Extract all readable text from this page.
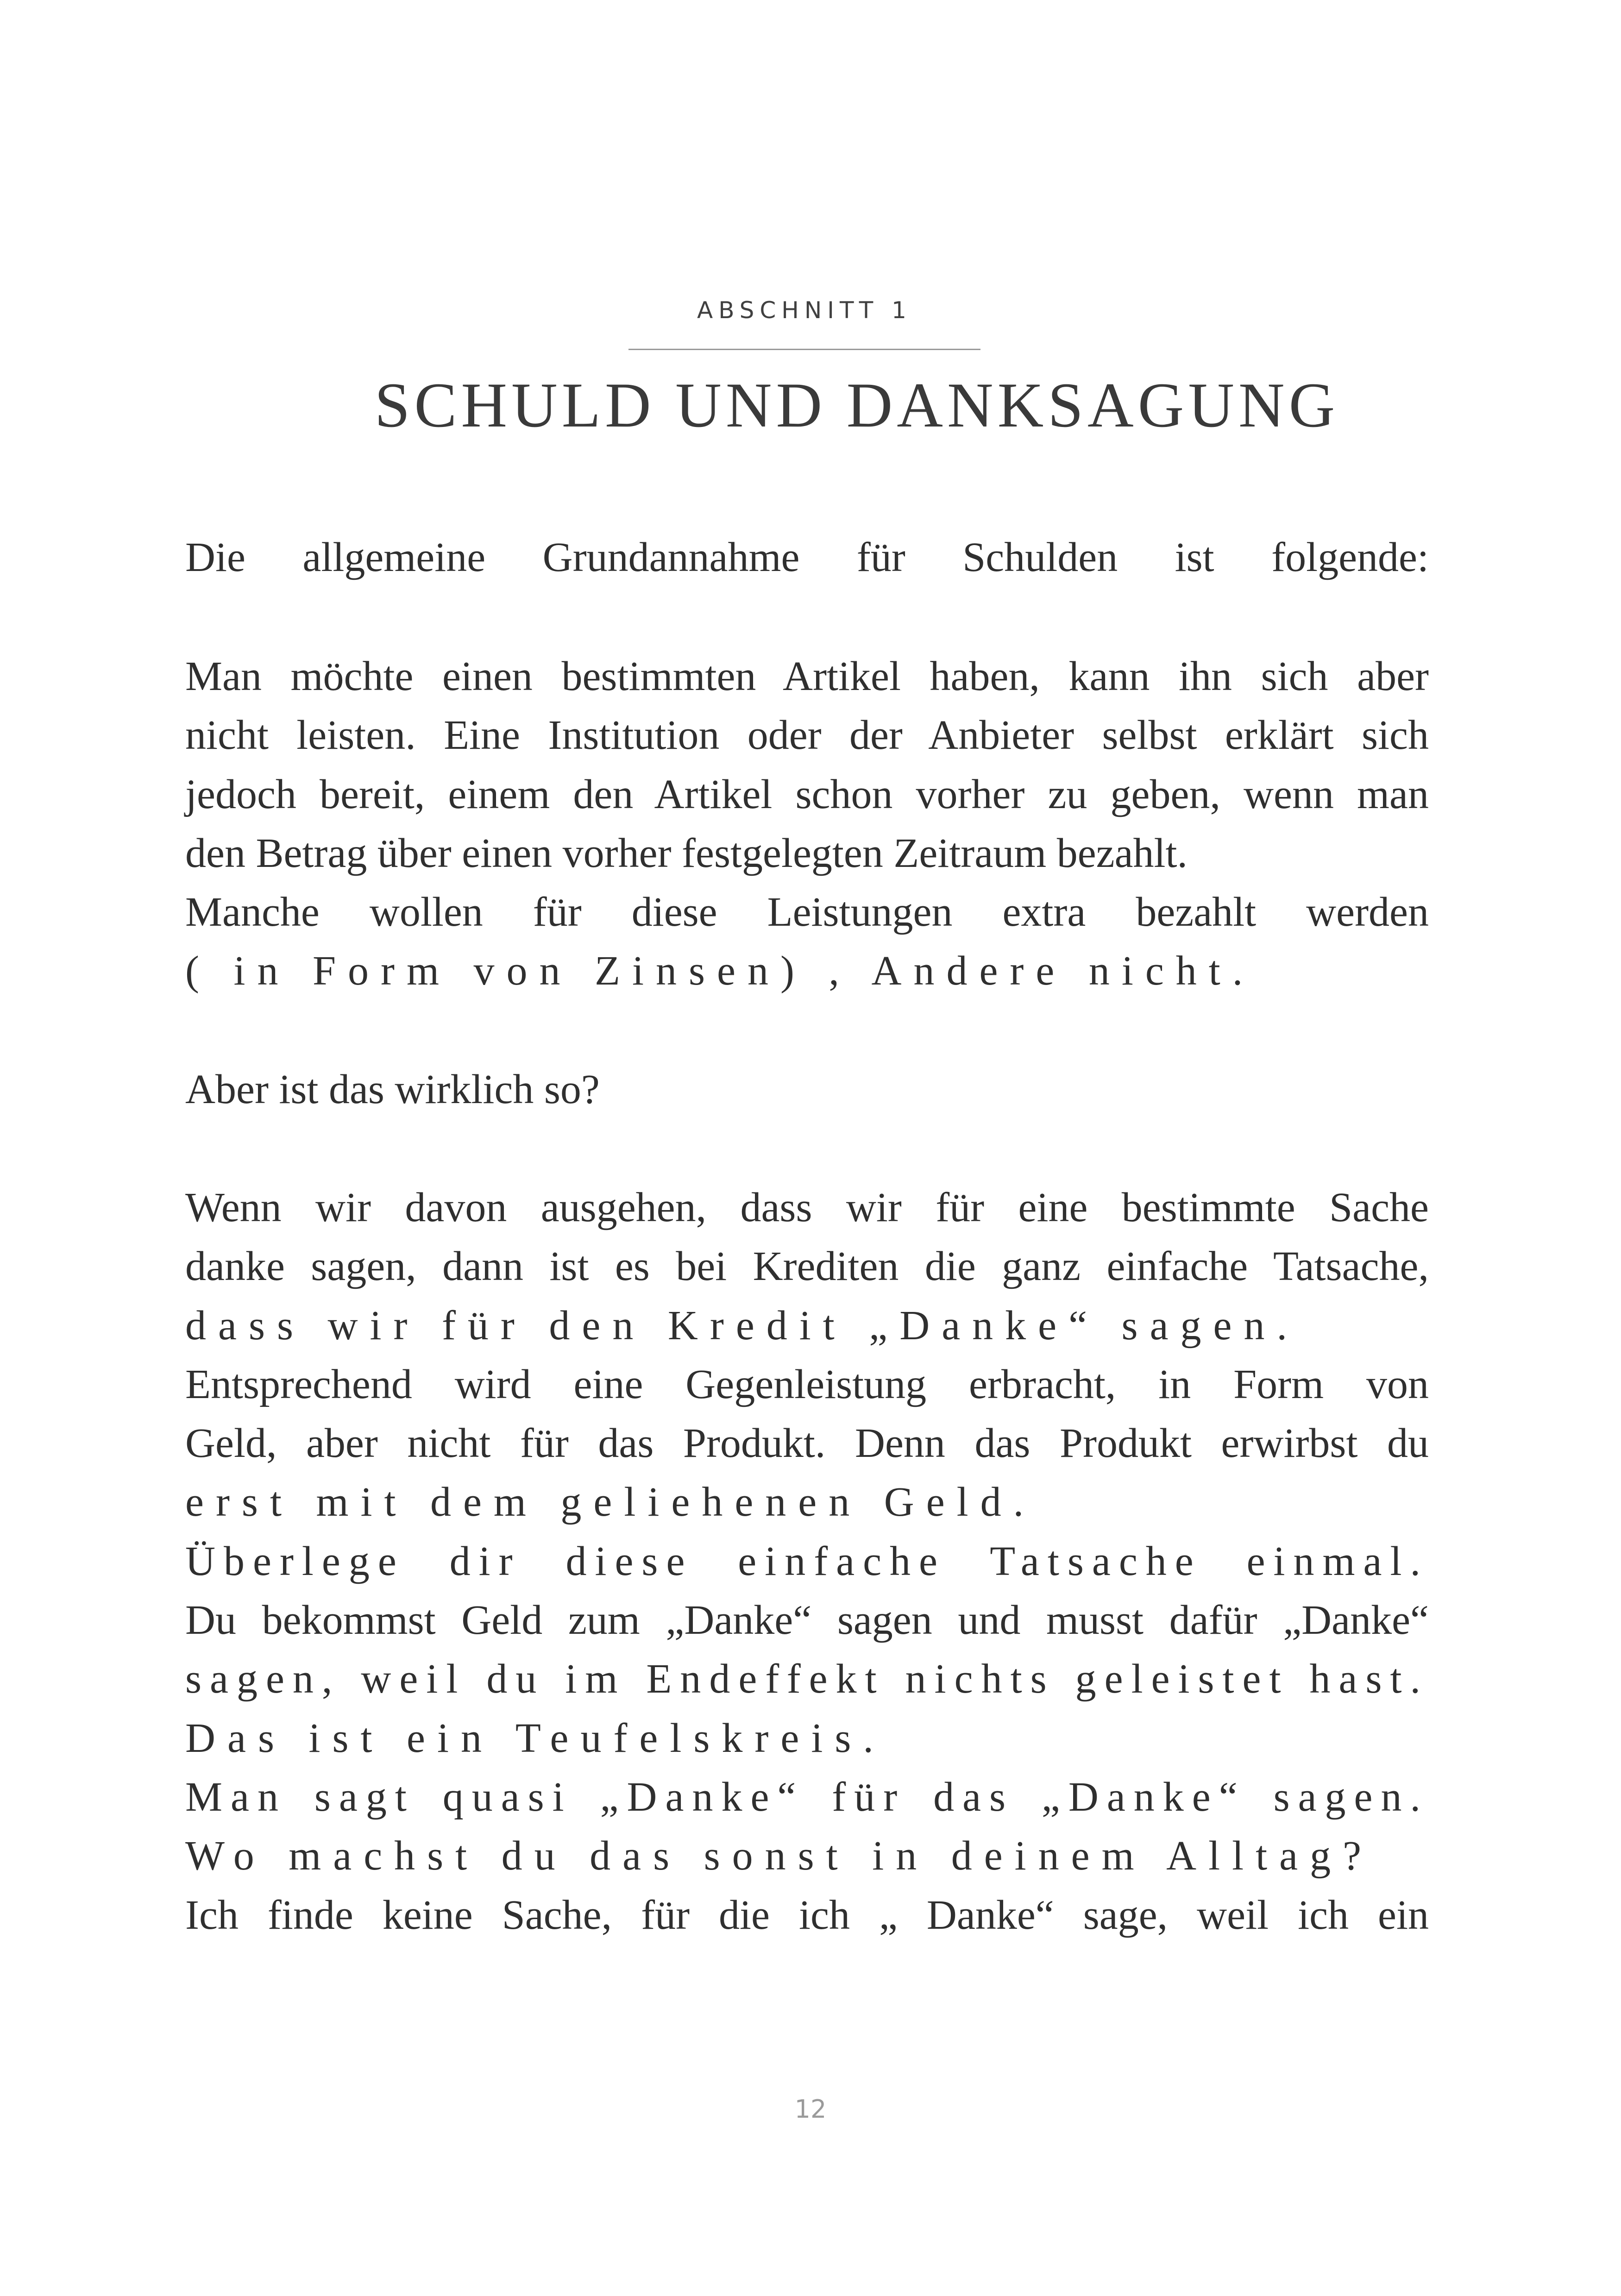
ABSCHNITT 1
SCHULD UND DANKSAGUNG
Die allgemeine Grundannahme für Schulden ist folgende:
Man möchte einen bestimmten Artikel haben, kann ihn sich aber
nicht leisten. Eine Institution oder der Anbieter selbst erklärt sich
jedoch bereit, einem den Artikel schon vorher zu geben, wenn man
den Betrag über einen vorher festgelegten Zeitraum bezahlt.
Manche wollen für diese Leistungen extra bezahlt werden
( in Form von Zinsen) , Andere nicht.
Aber ist das wirklich so?
Wenn wir davon ausgehen, dass wir für eine bestimmte Sache
danke sagen, dann ist es bei Krediten die ganz einfache Tatsache,
dass wir für den Kredit „Danke“ sagen.
Entsprechend wird eine Gegenleistung erbracht, in Form von
Geld, aber nicht für das Produkt. Denn das Produkt erwirbst du
erst mit dem geliehenen Geld.
Überlege dir diese einfache Tatsache einmal.
Du bekommst Geld zum „Danke“ sagen und musst dafür „Danke“
sagen, weil du im Endeffekt nichts geleistet hast.
Das ist ein Teufelskreis.
Man sagt quasi „Danke“ für das „Danke“ sagen.
Wo machst du das sonst in deinem Alltag?
Ich finde keine Sache, für die ich „ Danke“ sage, weil ich ein
12
